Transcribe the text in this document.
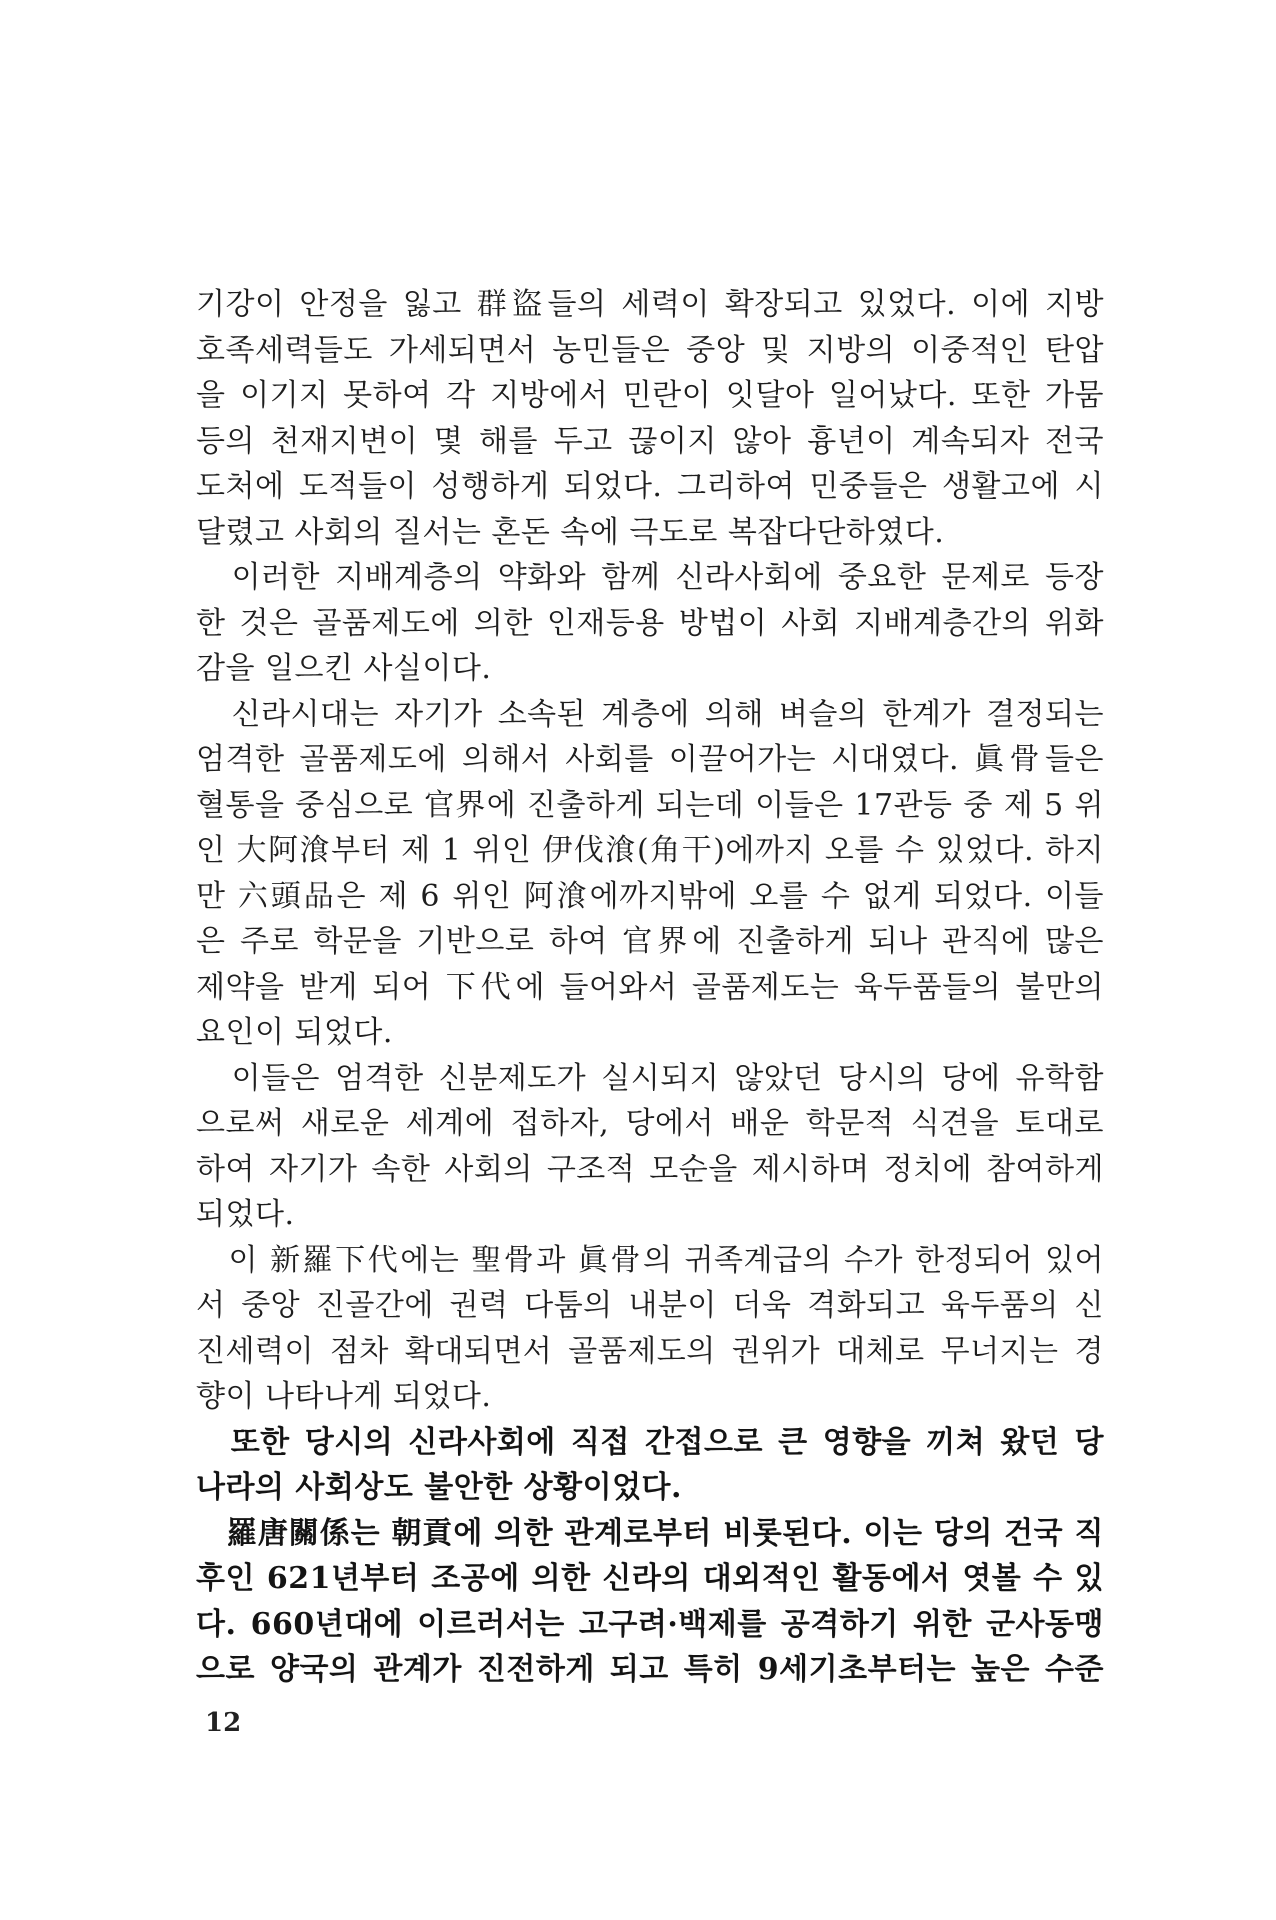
기강이 안정을 잃고 群盜들의 세력이 확장되고 있었다. 이에 지방
호족세력들도 가세되면서 농민들은 중앙 및 지방의 이중적인 탄압
을 이기지 못하여 각 지방에서 민란이 잇달아 일어났다. 또한 가뭄
등의 천재지변이 몇 해를 두고 끊이지 않아 흉년이 계속되자 전국
도처에 도적들이 성행하게 되었다. 그리하여 민중들은 생활고에 시
달렸고 사회의 질서는 혼돈 속에 극도로 복잡다단하였다.
　이러한 지배계층의 약화와 함께 신라사회에 중요한 문제로 등장
한 것은 골품제도에 의한 인재등용 방법이 사회 지배계층간의 위화
감을 일으킨 사실이다.
　신라시대는 자기가 소속된 계층에 의해 벼슬의 한계가 결정되는
엄격한 골품제도에 의해서 사회를 이끌어가는 시대였다. 眞骨들은
혈통을 중심으로 官界에 진출하게 되는데 이들은 17관등 중 제 5 위
인 大阿湌부터 제 1 위인 伊伐湌(角干)에까지 오를 수 있었다. 하지
만 六頭品은 제 6 위인 阿湌에까지밖에 오를 수 없게 되었다. 이들
은 주로 학문을 기반으로 하여 官界에 진출하게 되나 관직에 많은
제약을 받게 되어 下代에 들어와서 골품제도는 육두품들의 불만의
요인이 되었다.
　이들은 엄격한 신분제도가 실시되지 않았던 당시의 당에 유학함
으로써 새로운 세계에 접하자, 당에서 배운 학문적 식견을 토대로
하여 자기가 속한 사회의 구조적 모순을 제시하며 정치에 참여하게
되었다.
　이 新羅下代에는 聖骨과 眞骨의 귀족계급의 수가 한정되어 있어
서 중앙 진골간에 권력 다툼의 내분이 더욱 격화되고 육두품의 신
진세력이 점차 확대되면서 골품제도의 권위가 대체로 무너지는 경
향이 나타나게 되었다.
　또한 당시의 신라사회에 직접 간접으로 큰 영향을 끼쳐 왔던 당
나라의 사회상도 불안한 상황이었다.
　羅唐關係는 朝貢에 의한 관계로부터 비롯된다. 이는 당의 건국 직
후인 621년부터 조공에 의한 신라의 대외적인 활동에서 엿볼 수 있
다. 660년대에 이르러서는 고구려·백제를 공격하기 위한 군사동맹
으로 양국의 관계가 진전하게 되고 특히 9세기초부터는 높은 수준
12
